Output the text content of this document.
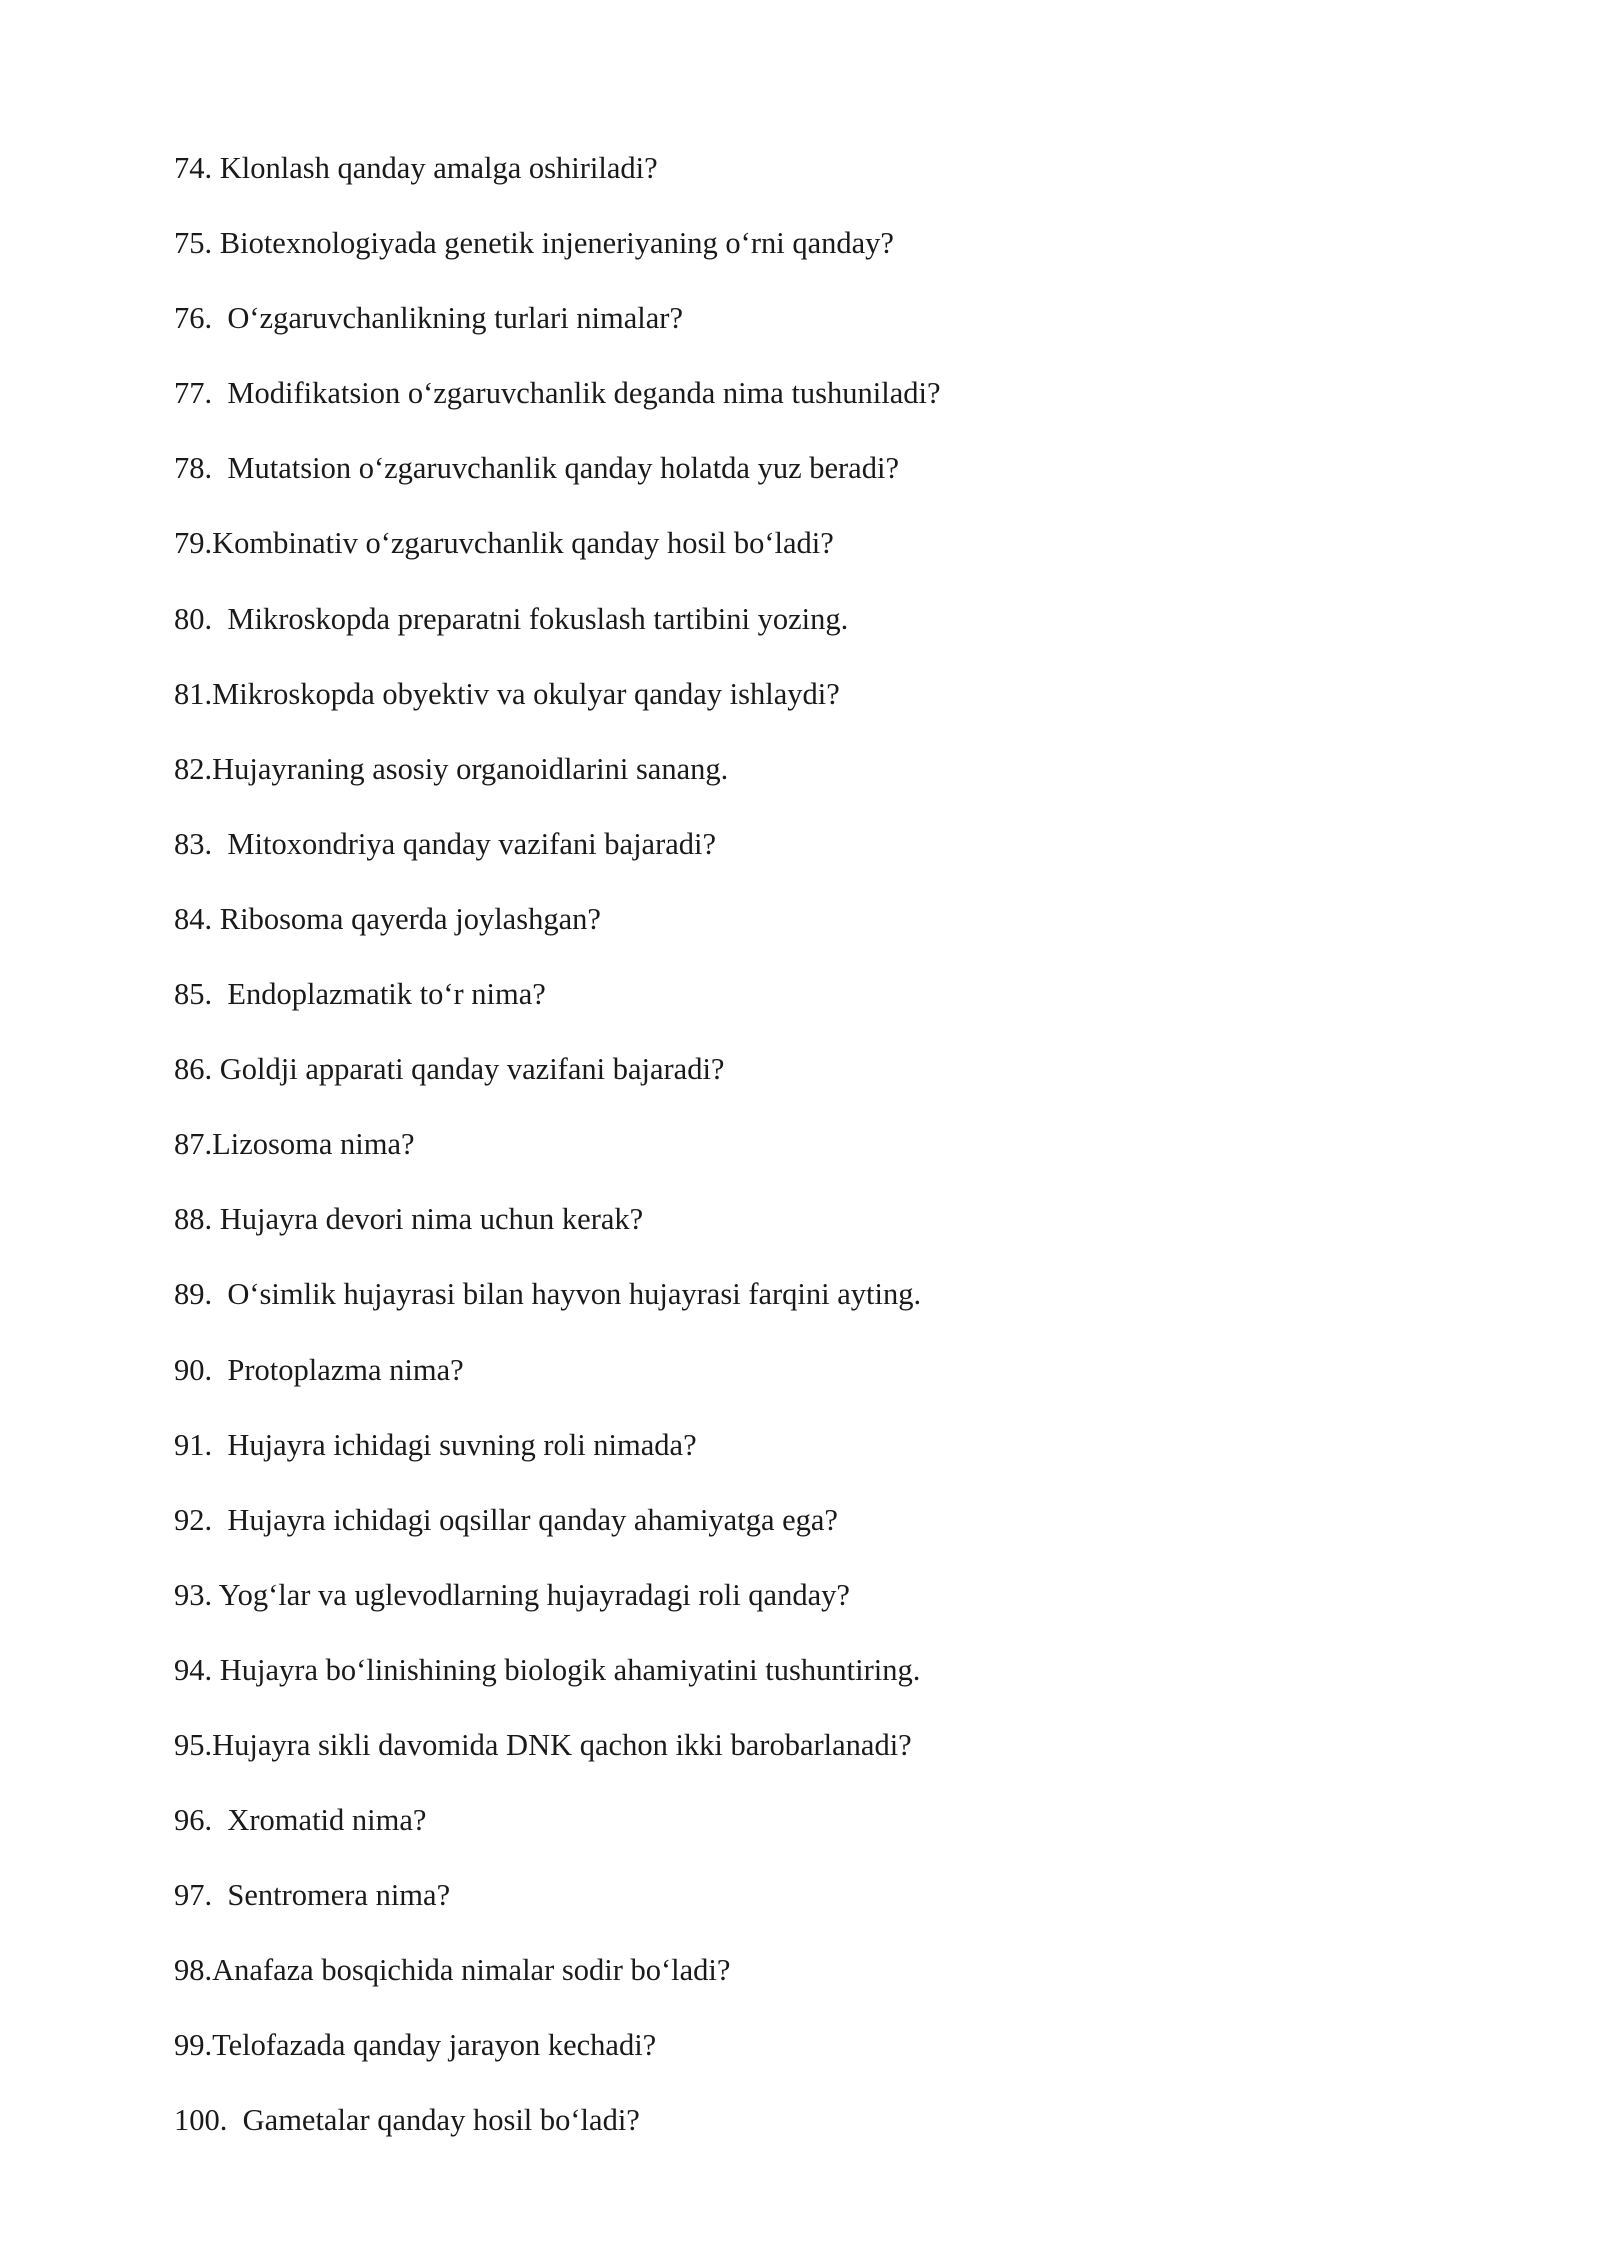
74. Klonlash qanday amalga oshiriladi?
75. Biotexnologiyada genetik injeneriyaning o‘rni qanday?
76.  O‘zgaruvchanlikning turlari nimalar?
77.  Modifikatsion o‘zgaruvchanlik deganda nima tushuniladi?
78.  Mutatsion o‘zgaruvchanlik qanday holatda yuz beradi?
79.Kombinativ o‘zgaruvchanlik qanday hosil bo‘ladi?
80.  Mikroskopda preparatni fokuslash tartibini yozing.
81.Mikroskopda obyektiv va okulyar qanday ishlaydi?
82.Hujayraning asosiy organoidlarini sanang.
83.  Mitoxondriya qanday vazifani bajaradi?
84. Ribosoma qayerda joylashgan?
85.  Endoplazmatik to‘r nima?
86. Goldji apparati qanday vazifani bajaradi?
87.Lizosoma nima?
88. Hujayra devori nima uchun kerak?
89.  O‘simlik hujayrasi bilan hayvon hujayrasi farqini ayting.
90.  Protoplazma nima?
91.  Hujayra ichidagi suvning roli nimada?
92.  Hujayra ichidagi oqsillar qanday ahamiyatga ega?
93. Yog‘lar va uglevodlarning hujayradagi roli qanday?
94. Hujayra bo‘linishining biologik ahamiyatini tushuntiring.
95.Hujayra sikli davomida DNK qachon ikki barobarlanadi?
96.  Xromatid nima?
97.  Sentromera nima?
98.Anafaza bosqichida nimalar sodir bo‘ladi?
99.Telofazada qanday jarayon kechadi?
100.  Gametalar qanday hosil bo‘ladi?
